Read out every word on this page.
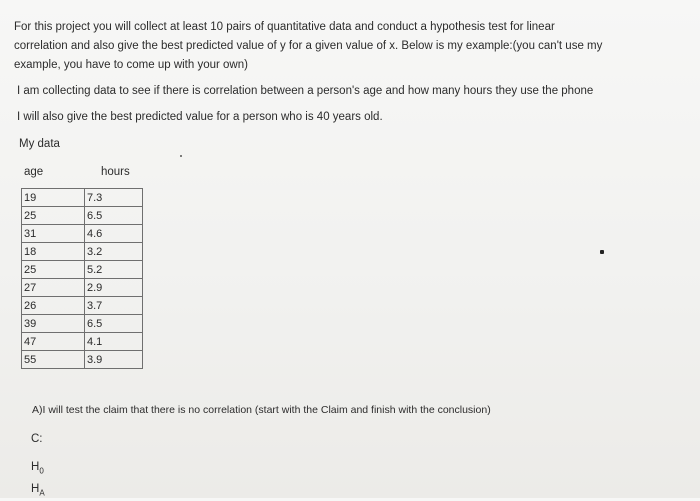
For this project you will collect at least 10 pairs of quantitative data and conduct a hypothesis test for linear

correlation and also give the best predicted value of y for a given value of x. Below is my example:(you can't use my

example, you have to come up with your own)

I am collecting data to see if there is correlation between a person's age and how many hours they use the phone

I will also give the best predicted value for a person who is 40 years old.

My data

age	hours

19	7.3
25	6.5
31	4.6
18	3.2
25	5.2
27	2.9
26	3.7
39	6.5
47	4.1
55	3.9

A)I will test the claim that there is no correlation (start with the Claim and finish with the conclusion)

C:

$H_0$

$H_A$
